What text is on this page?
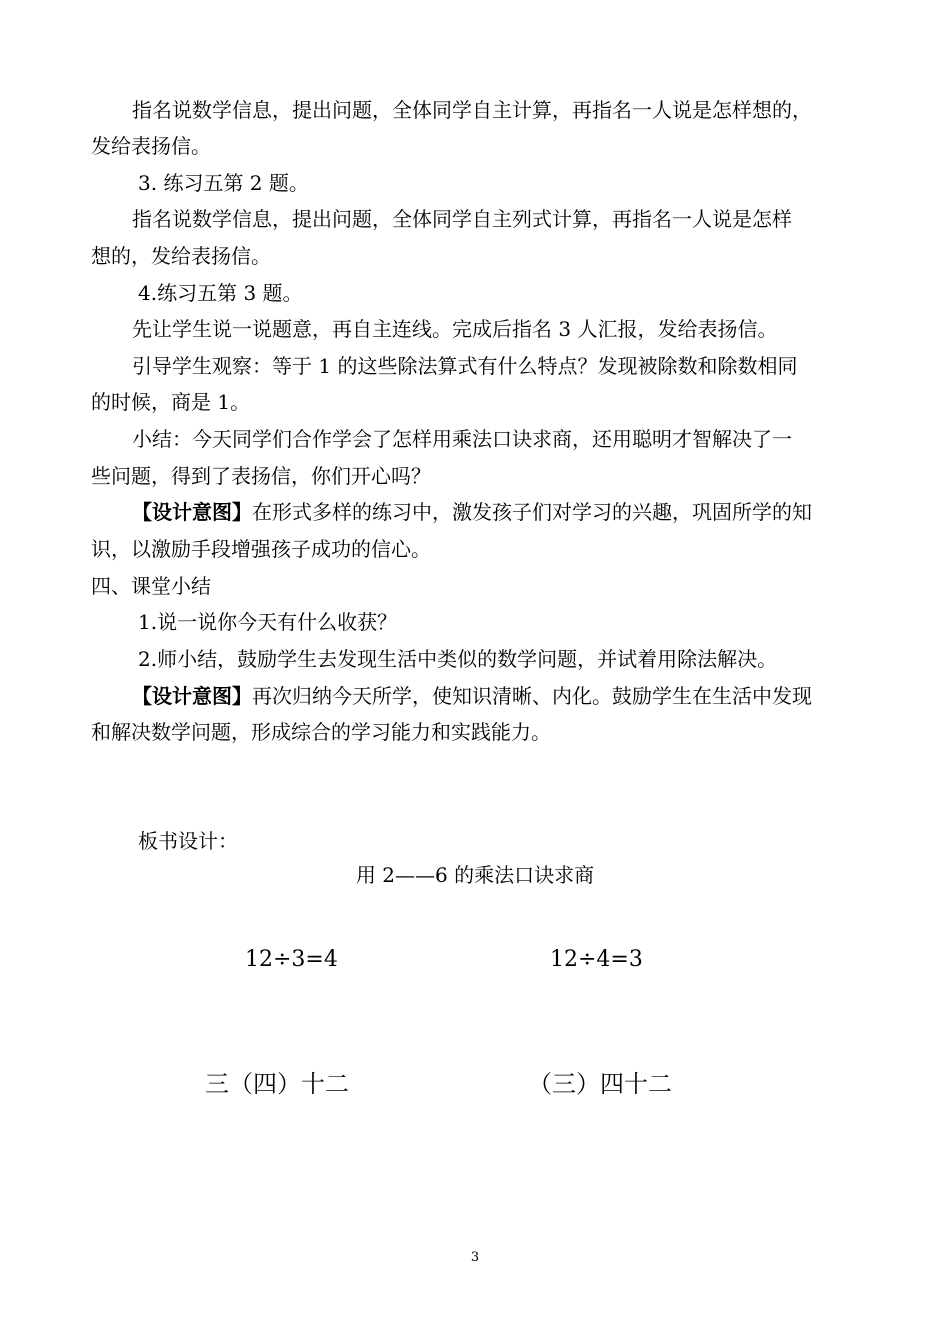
指名说数学信息，提出问题，全体同学自主计算，再指名一人说是怎样想的，
发给表扬信。
3. 练习五第 2 题。
指名说数学信息，提出问题，全体同学自主列式计算，再指名一人说是怎样
想的，发给表扬信。
4.练习五第 3 题。
先让学生说一说题意，再自主连线。完成后指名 3 人汇报，发给表扬信。
引导学生观察：等于 1 的这些除法算式有什么特点？发现被除数和除数相同
的时候，商是 1。
小结：今天同学们合作学会了怎样用乘法口诀求商，还用聪明才智解决了一
些问题，得到了表扬信，你们开心吗？
【设计意图】在形式多样的练习中，激发孩子们对学习的兴趣，巩固所学的知
识，以激励手段增强孩子成功的信心。
四、课堂小结
1.说一说你今天有什么收获？
2.师小结，鼓励学生去发现生活中类似的数学问题，并试着用除法解决。
【设计意图】再次归纳今天所学，使知识清晰、内化。鼓励学生在生活中发现
和解决数学问题，形成综合的学习能力和实践能力。
板书设计：
用 2——6 的乘法口诀求商
12÷3=4	12÷4=3
三（四）十二	（三）四十二
3
